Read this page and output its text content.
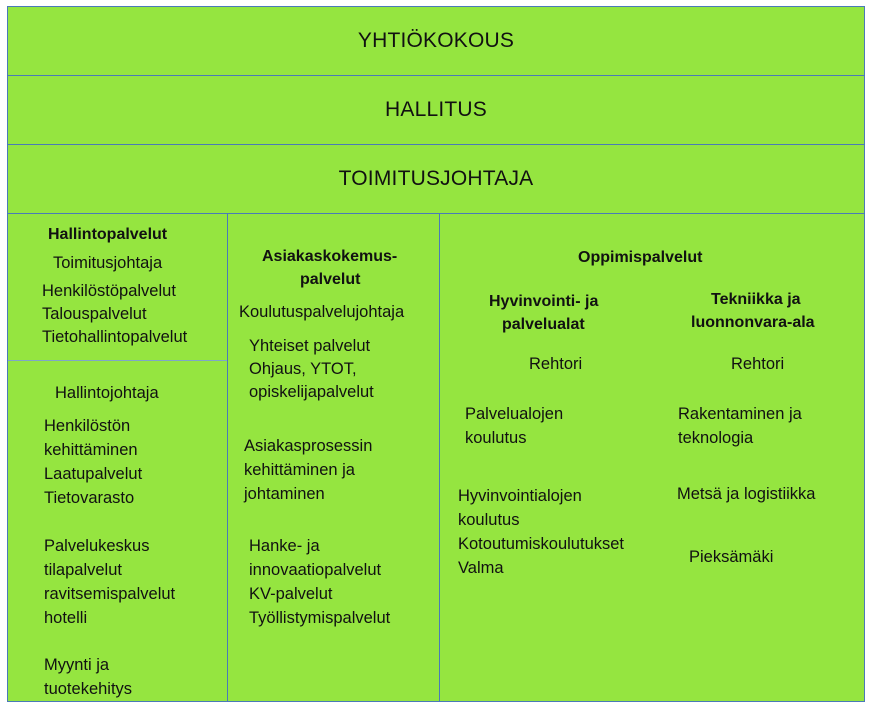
YHTIÖKOKOUS
HALLITUS
TOIMITUSJOHTAJA
Hallintopalvelut
Toimitusjohtaja
Henkilöstöpalvelut
Talouspalvelut
Tietohallintopalvelut
Hallintojohtaja
Henkilöstön
kehittäminen
Laatupalvelut
Tietovarasto
Palvelukeskus
tilapalvelut
ravitsemispalvelut
hotelli
Myynti ja
tuotekehitys
Asiakaskokemus-
palvelut
Koulutuspalvelujohtaja
Yhteiset palvelut
Ohjaus, YTOT,
opiskelijapalvelut
Asiakasprosessin
kehittäminen ja
johtaminen
Hanke- ja
innovaatiopalvelut
KV-palvelut
Työllistymispalvelut
Oppimispalvelut
Hyvinvointi- ja
palvelualat
Rehtori
Palvelualojen
koulutus
Hyvinvointialojen
koulutus
Kotoutumiskoulutukset
Valma
Tekniikka ja
luonnonvara-ala
Rehtori
Rakentaminen ja
teknologia
Metsä ja logistiikka
Pieksämäki
